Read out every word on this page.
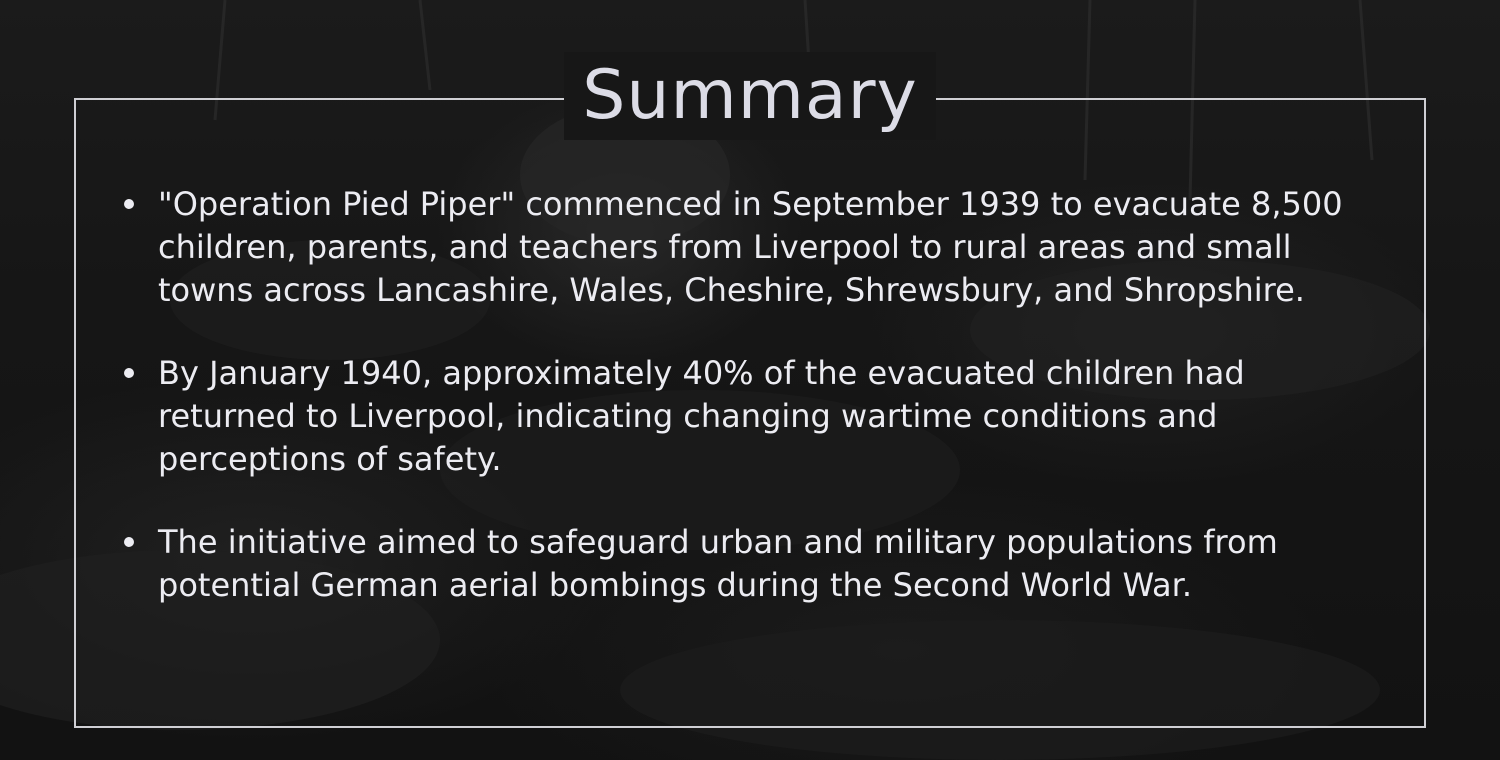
Summary
"Operation Pied Piper" commenced in September 1939 to evacuate 8,500 children, parents, and teachers from Liverpool to rural areas and small towns across Lancashire, Wales, Cheshire, Shrewsbury, and Shropshire.
By January 1940, approximately 40% of the evacuated children had returned to Liverpool, indicating changing wartime conditions and perceptions of safety.
The initiative aimed to safeguard urban and military populations from potential German aerial bombings during the Second World War.
